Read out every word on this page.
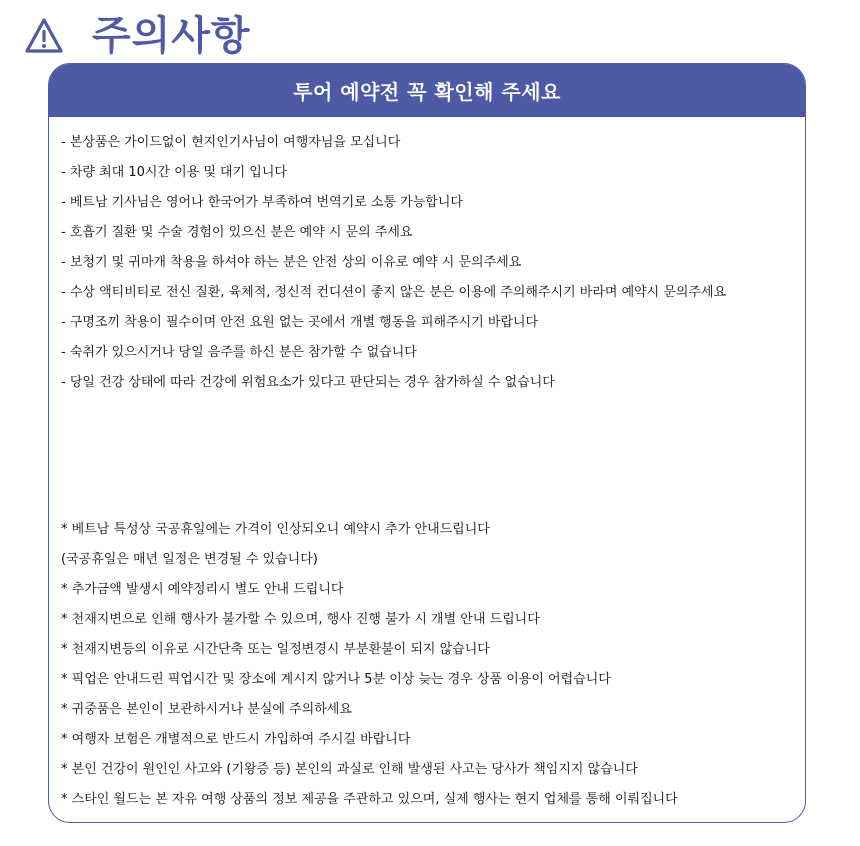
주의사항
투어 예약전 꼭 확인해 주세요
- 본상품은 가이드없이 현지인기사님이 여행자님을 모십니다
- 차량 최대 10시간 이용 및 대기 입니다
- 베트남 기사님은 영어나 한국어가 부족하여 번역기로 소통 가능합니다
- 호흡기 질환 및 수술 경험이 있으신 분은 예약 시 문의 주세요
- 보청기 및 귀마개 착용을 하셔야 하는 분은 안전 상의 이유로 예약 시 문의주세요
- 수상 액티비티로 전신 질환, 육체적, 정신적 컨디션이 좋지 않은 분은 이용에 주의해주시기 바라며 예약시 문의주세요
- 구명조끼 착용이 필수이며 안전 요원 없는 곳에서 개별 행동을 피해주시기 바랍니다
- 숙취가 있으시거나 당일 음주를 하신 분은 참가할 수 없습니다
- 당일 건강 상태에 따라 건강에 위험요소가 있다고 판단되는 경우 참가하실 수 없습니다
* 베트남 특성상 국공휴일에는 가격이 인상되오니 예약시 추가 안내드립니다
(국공휴일은 매년 일정은 변경될 수 있습니다)
* 추가금액 발생시 예약정리시 별도 안내 드립니다
* 천재지변으로 인해 행사가 불가할 수 있으며, 행사 진행 불가 시 개별 안내 드립니다
* 천재지변등의 이유로 시간단축 또는 일정변경시 부분환불이 되지 않습니다
* 픽업은 안내드린 픽업시간 및 장소에 계시지 않거나 5분 이상 늦는 경우 상품 이용이 어렵습니다
* 귀중품은 본인이 보관하시거나 분실에 주의하세요
* 여행자 보험은 개별적으로 반드시 가입하여 주시길 바랍니다
* 본인 건강이 원인인 사고와 (기왕증 등) 본인의 과실로 인해 발생된 사고는 당사가 책임지지 않습니다
* 스타인 월드는 본 자유 여행 상품의 정보 제공을 주관하고 있으며, 실제 행사는 현지 업체를 통해 이뤄집니다
